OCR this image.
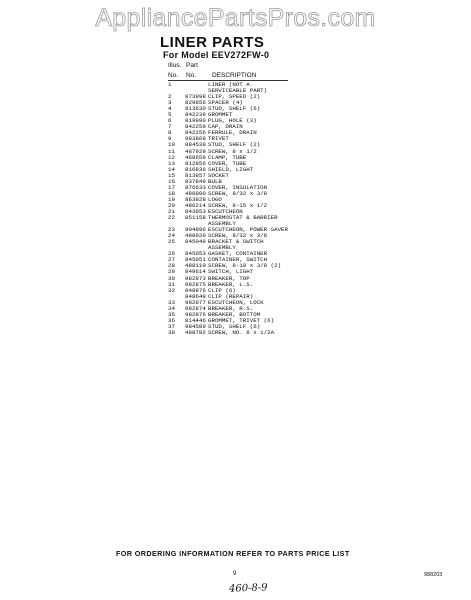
AppliancePartsPros.com
LINER PARTS
For Model EEV272FW-0
Illus. Part
No. No. DESCRIPTION
1	LINER (NOT A
SERVICEABLE PART)
2	873998 CLIP, SPEED (2)
3	829856 SPACER (4)
4	813630 STUD, SHELF (6)
5	842239 GROMMET
6	819990 PLUG, HOLE (3)
7	842259 CAP, DRAIN
8	842256 FERRULE, DRAIN
9	983868 TRIVET
10	884538 STUD, SHELF (2)
11	487929 SCREW, 8 x 1/2
12	468658 CLAMP, TUBE
13	812856 COVER, TUBE
14	816836 SHIELD, LIGHT
15	813857 SOCKET
16	837849 BULB
17	876633 COVER, INSULATION
18	488900 SCREW, 8/32 x 3/8
19	863928 LOGO
20	486214 SCREW, 8-15 x 1/2
21	843953 ESCUTCHEON
22	851158 THERMOSTAT & BARRIER
ASSEMBLY
23	904896 ESCUTCHEON, POWER SAVER
24	488920 SCREW, 8/32 x 3/8
25	845049 BRACKET & SWITCH
ASSEMBLY
26	845053 GASKET, CONTAINER
27	845051 CONTAINER, SWITCH
28	488110 SCREW, 8-18 x 3/8 (2)
29	849614 SWITCH, LIGHT
30	982873 BREAKER, TOP
31	982875 BREAKER, L.S.
32	848876 CLIP (6)
848649 CLIP (REPAIR)
33	982877 ESCUTCHEON, LOCK
34	982874 BREAKER, R.S.
35	982876 BREAKER, BOTTOM
36	814446 GROMMET, TRIVET (6)
37	984589 STUD, SHELF (6)
38	488782 SCREW, NO. 8 x 1/2A
FOR ORDERING INFORMATION REFER TO PARTS PRICE LIST
9	988203
460-8-9
